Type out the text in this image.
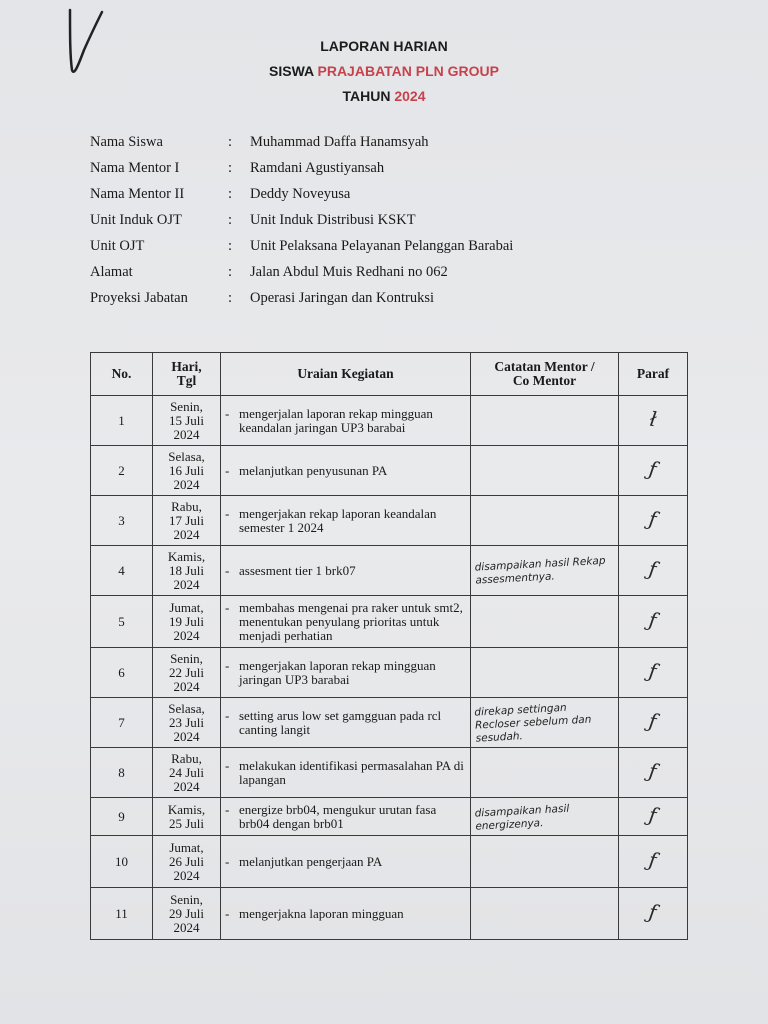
LAPORAN HARIAN
SISWA PRAJABATAN PLN GROUP
TAHUN 2024
Nama Siswa	:	Muhammad Daffa Hanamsyah
Nama Mentor I	:	Ramdani Agustiyansah
Nama Mentor II	:	Deddy Noveyusa
Unit Induk OJT	:	Unit Induk Distribusi KSKT
Unit OJT	:	Unit Pelaksana Pelayanan Pelanggan Barabai
Alamat	:	Jalan Abdul Muis Redhani no 062
Proyeksi Jabatan	:	Operasi Jaringan dan Kontruksi
No.	Hari,
Tgl	Uraian Kegiatan	Catatan Mentor /
Co Mentor	Paraf
1	Senin,
15 Juli
2024	- mengerjalan laporan rekap mingguan keandalan jaringan UP3 barabai		ł
2	Selasa,
16 Juli
2024	- melanjutkan penyusunan PA		ƒ
3	Rabu,
17 Juli
2024	- mengerjakan rekap laporan keandalan semester 1 2024		ƒ
4	Kamis,
18 Juli
2024	- assesment tier 1 brk07	disampaikan hasil Rekap assesmentnya.	ƒ
5	Jumat,
19 Juli
2024	- membahas mengenai pra raker untuk smt2, menentukan penyulang prioritas untuk menjadi perhatian		ƒ
6	Senin,
22 Juli
2024	- mengerjakan laporan rekap mingguan jaringan UP3 barabai		ƒ
7	Selasa,
23 Juli
2024	- setting arus low set gamgguan pada rcl canting langit	direkap settingan Recloser sebelum dan sesudah.	ƒ
8	Rabu,
24 Juli
2024	- melakukan identifikasi permasalahan PA di lapangan		ƒ
9	Kamis,
25 Juli	- energize brb04, mengukur urutan fasa brb04 dengan brb01	disampaikan hasil energizenya.	ƒ
10	Jumat,
26 Juli
2024	- melanjutkan pengerjaan PA		ƒ
11	Senin,
29 Juli
2024	- mengerjakna laporan mingguan		ƒ
